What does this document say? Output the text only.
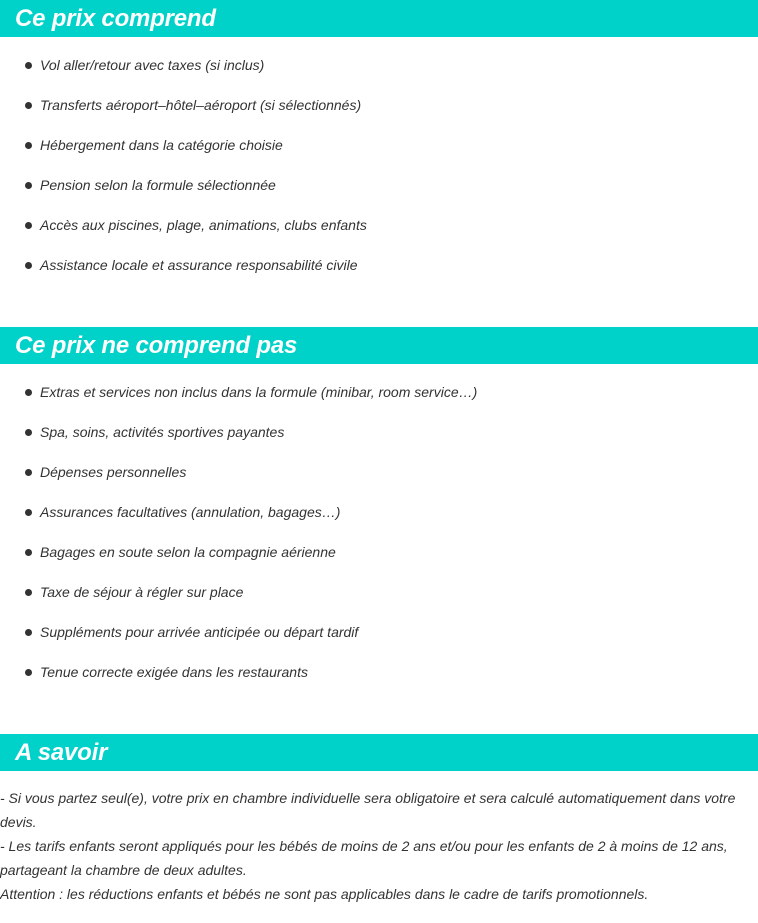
Ce prix comprend
Vol aller/retour avec taxes (si inclus)
Transferts aéroport–hôtel–aéroport (si sélectionnés)
Hébergement dans la catégorie choisie
Pension selon la formule sélectionnée
Accès aux piscines, plage, animations, clubs enfants
Assistance locale et assurance responsabilité civile
Ce prix ne comprend pas
Extras et services non inclus dans la formule (minibar, room service…)
Spa, soins, activités sportives payantes
Dépenses personnelles
Assurances facultatives (annulation, bagages…)
Bagages en soute selon la compagnie aérienne
Taxe de séjour à régler sur place
Suppléments pour arrivée anticipée ou départ tardif
Tenue correcte exigée dans les restaurants
A savoir
- Si vous partez seul(e), votre prix en chambre individuelle sera obligatoire et sera calculé automatiquement dans votre devis.
- Les tarifs enfants seront appliqués pour les bébés de moins de 2 ans et/ou pour les enfants de 2 à moins de 12 ans, partageant la chambre de deux adultes.
Attention : les réductions enfants et bébés ne sont pas applicables dans le cadre de tarifs promotionnels.
